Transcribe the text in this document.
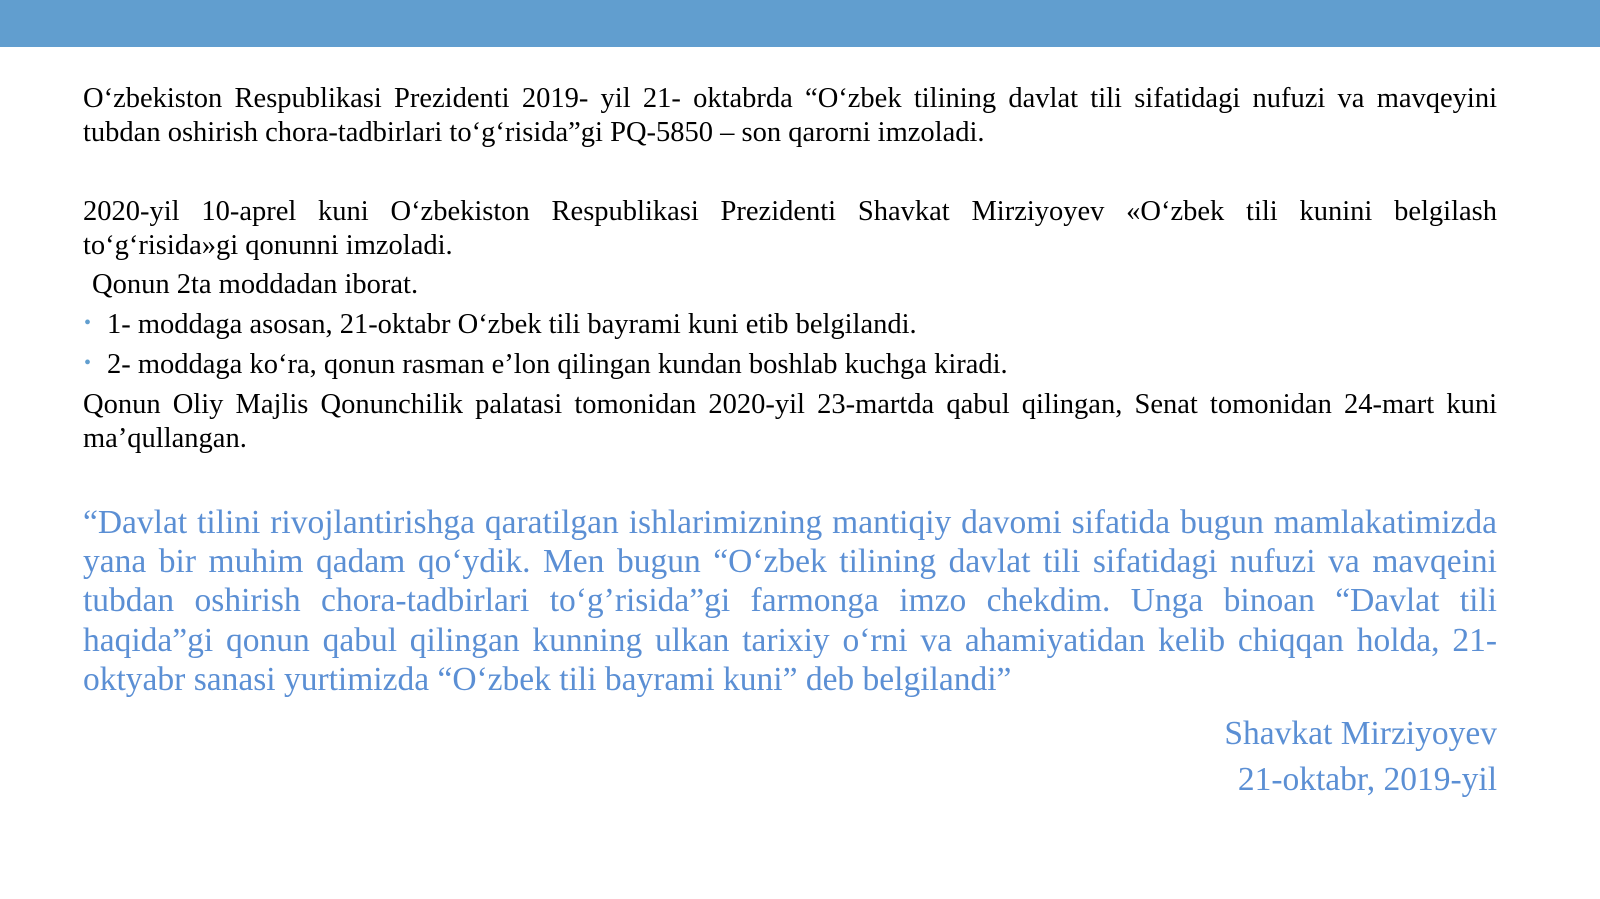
O‘zbekiston Respublikasi Prezidenti 2019- yil 21- oktabrda “O‘zbek tilining davlat tili sifatidagi nufuzi va mavqeyini tubdan oshirish chora-tadbirlari to‘g‘risida”gi PQ-5850 – son qarorni imzoladi.

2020-yil 10-aprel kuni O‘zbekiston Respublikasi Prezidenti Shavkat Mirziyoyev «O‘zbek tili kunini belgilash to‘g‘risida»gi qonunni imzoladi.

Qonun 2ta moddadan iborat.

• 1- moddaga asosan, 21-oktabr O‘zbek tili bayrami kuni etib belgilandi.
• 2- moddaga ko‘ra, qonun rasman e’lon qilingan kundan boshlab kuchga kiradi.

Qonun Oliy Majlis Qonunchilik palatasi tomonidan 2020-yil 23-martda qabul qilingan, Senat tomonidan 24-mart kuni ma’qullangan.

“Davlat tilini rivojlantirishga qaratilgan ishlarimizning mantiqiy davomi sifatida bugun mamlakatimizda yana bir muhim qadam qo‘ydik. Men bugun “O‘zbek tilining davlat tili sifatidagi nufuzi va mavqeini tubdan oshirish chora-tadbirlari to‘g’risida”gi farmonga imzo chekdim. Unga binoan “Davlat tili haqida”gi qonun qabul qilingan kunning ulkan tarixiy o‘rni va ahamiyatidan kelib chiqqan holda, 21-oktyabr sanasi yurtimizda “O‘zbek tili bayrami kuni” deb belgilandi”

Shavkat Mirziyoyev
21-oktabr, 2019-yil
